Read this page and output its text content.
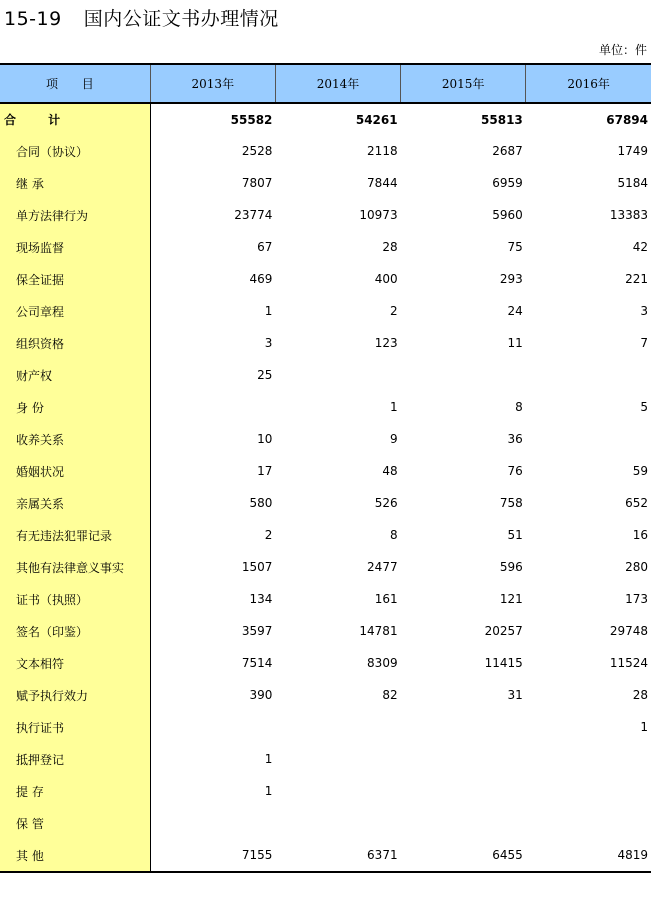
15-19 国内公证文书办理情况
单位：件
项 目	2013年	2014年	2015年	2016年
合 计	55582	54261	55813	67894
合同（协议）	2528	2118	2687	1749
继 承	7807	7844	6959	5184
单方法律行为	23774	10973	5960	13383
现场监督	67	28	75	42
保全证据	469	400	293	221
公司章程	1	2	24	3
组织资格	3	123	11	7
财产权	25			
身 份		1	8	5
收养关系	10	9	36	
婚姻状况	17	48	76	59
亲属关系	580	526	758	652
有无违法犯罪记录	2	8	51	16
其他有法律意义事实	1507	2477	596	280
证书（执照）	134	161	121	173
签名（印鉴）	3597	14781	20257	29748
文本相符	7514	8309	11415	11524
赋予执行效力	390	82	31	28
执行证书				1
抵押登记	1			
提 存	1			
保 管				
其 他	7155	6371	6455	4819
